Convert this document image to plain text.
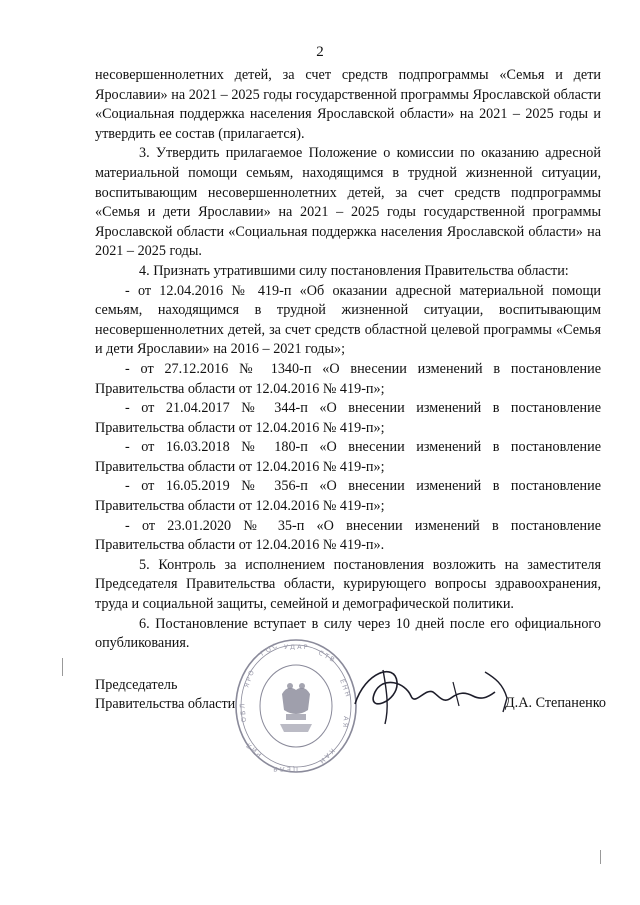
2

несовершеннолетних детей, за счет средств подпрограммы «Семья и дети Ярославии» на 2021 – 2025 годы государственной программы Ярославской области «Социальная поддержка населения Ярославской области» на 2021 – 2025 годы и утвердить ее состав (прилагается).

3. Утвердить прилагаемое Положение о комиссии по оказанию адресной материальной помощи семьям, находящимся в трудной жизненной ситуации, воспитывающим несовершеннолетних детей, за счет средств подпрограммы «Семья и дети Ярославии» на 2021 – 2025 годы государственной программы Ярославской области «Социальная поддержка населения Ярославской области» на 2021 – 2025 годы.

4. Признать утратившими силу постановления Правительства области:

- от 12.04.2016 № 419-п «Об оказании адресной материальной помощи семьям, находящимся в трудной жизненной ситуации, воспитывающим несовершеннолетних детей, за счет средств областной целевой программы «Семья и дети Ярославии» на 2016 – 2021 годы»;

- от 27.12.2016 № 1340-п «О внесении изменений в постановление Правительства области от 12.04.2016 № 419-п»;

- от 21.04.2017 № 344-п «О внесении изменений в постановление Правительства области от 12.04.2016 № 419-п»;

- от 16.03.2018 № 180-п «О внесении изменений в постановление Правительства области от 12.04.2016 № 419-п»;

- от 16.05.2019 № 356-п «О внесении изменений в постановление Правительства области от 12.04.2016 № 419-п»;

- от 23.01.2020 № 35-п «О внесении изменений в постановление Правительства области от 12.04.2016 № 419-п».

5. Контроль за исполнением постановления возложить на заместителя Председателя Правительства области, курирующего вопросы здравоохранения, труда и социальной защиты, семейной и демографической политики.

6. Постановление вступает в силу через 10 дней после его официального опубликования.	Г О С У Д А Р
С Т В
Е Н Н
А Я
К А Н
Ц Е Л Я
Р И Я
О Б Л
Я Р О
Председатель
Правительства области	Д.А. Степаненко
